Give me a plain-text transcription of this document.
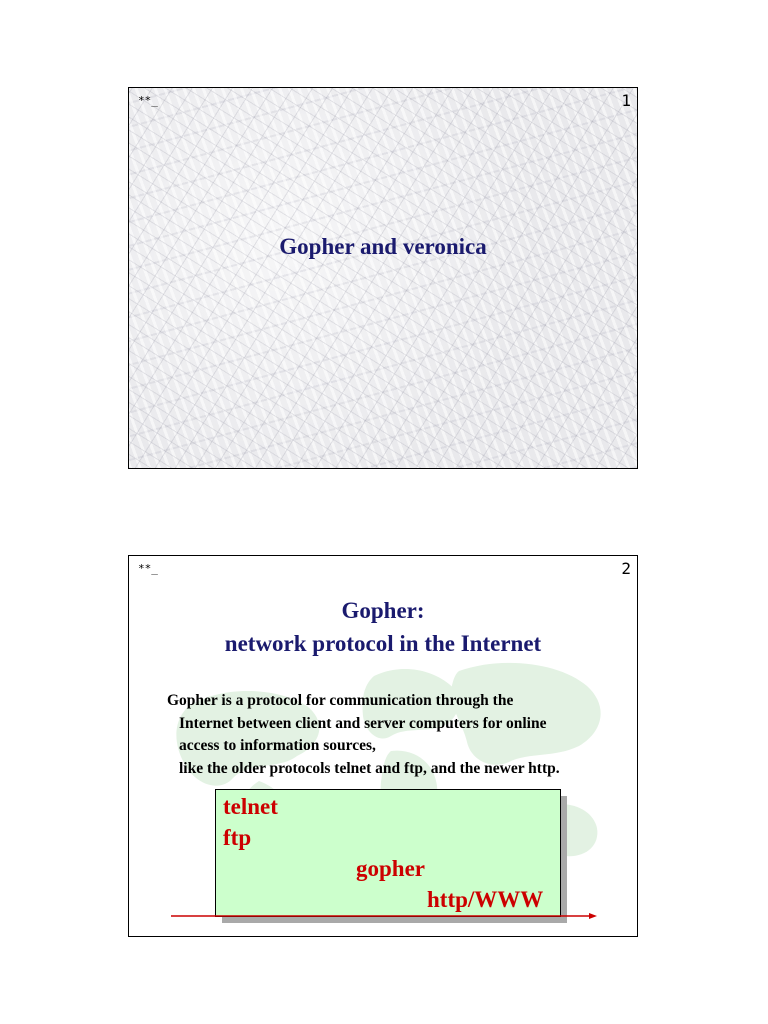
**_	1
Gopher and veronica
**_	2
Gopher:
network protocol in the Internet
Gopher is a protocol for communication through the
Internet between client and server computers for online
access to information sources,
like the older protocols telnet and ftp, and the newer http.
telnet
ftp
gopher
http/WWW
